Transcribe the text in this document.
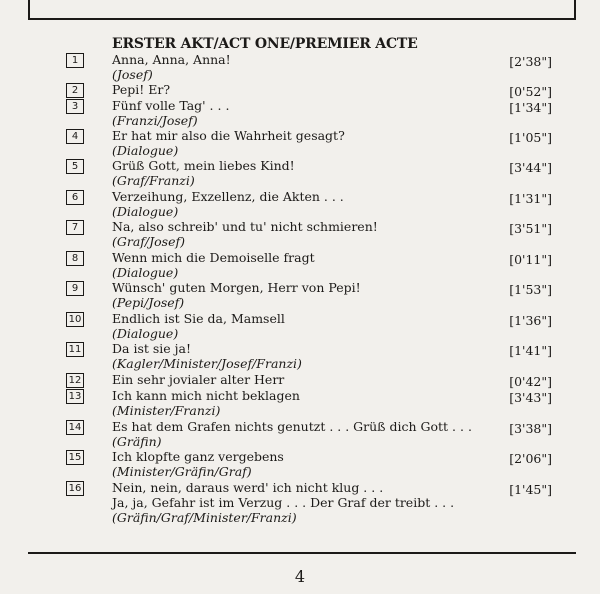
ERSTER AKT/ACT ONE/PREMIER ACTE
1	Anna, Anna, Anna!
(Josef)
[2'38"]
2	Pepi! Er?	[0'52"]
3	Fünf volle Tag' . . .
(Franzi/Josef)
[1'34"]
4	Er hat mir also die Wahrheit gesagt?
(Dialogue)
[1'05"]
5	Grüß Gott, mein liebes Kind!
(Graf/Franzi)
[3'44"]
6	Verzeihung, Exzellenz, die Akten . . .
(Dialogue)
[1'31"]
7	Na, also schreib' und tu' nicht schmieren!
(Graf/Josef)
[3'51"]
8	Wenn mich die Demoiselle fragt
(Dialogue)
[0'11"]
9	Wünsch' guten Morgen, Herr von Pepi!
(Pepi/Josef)
[1'53"]
10 Endlich ist Sie da, Mamsell
(Dialogue)
[1'36"]
11 Da ist sie ja!
(Kagler/Minister/Josef/Franzi)
[1'41"]
12 Ein sehr jovialer alter Herr	[0'42"]
13 Ich kann mich nicht beklagen
(Minister/Franzi)
[3'43"]
14 Es hat dem Grafen nichts genutzt . . . Grüß dich Gott . . .
(Gräfin)
[3'38"]
15 Ich klopfte ganz vergebens
(Minister/Gräfin/Graf)
[2'06"]
16 Nein, nein, daraus werd' ich nicht klug . . .
Ja, ja, Gefahr ist im Verzug . . . Der Graf der treibt . . .
(Gräfin/Graf/Minister/Franzi)
[1'45"]
4
